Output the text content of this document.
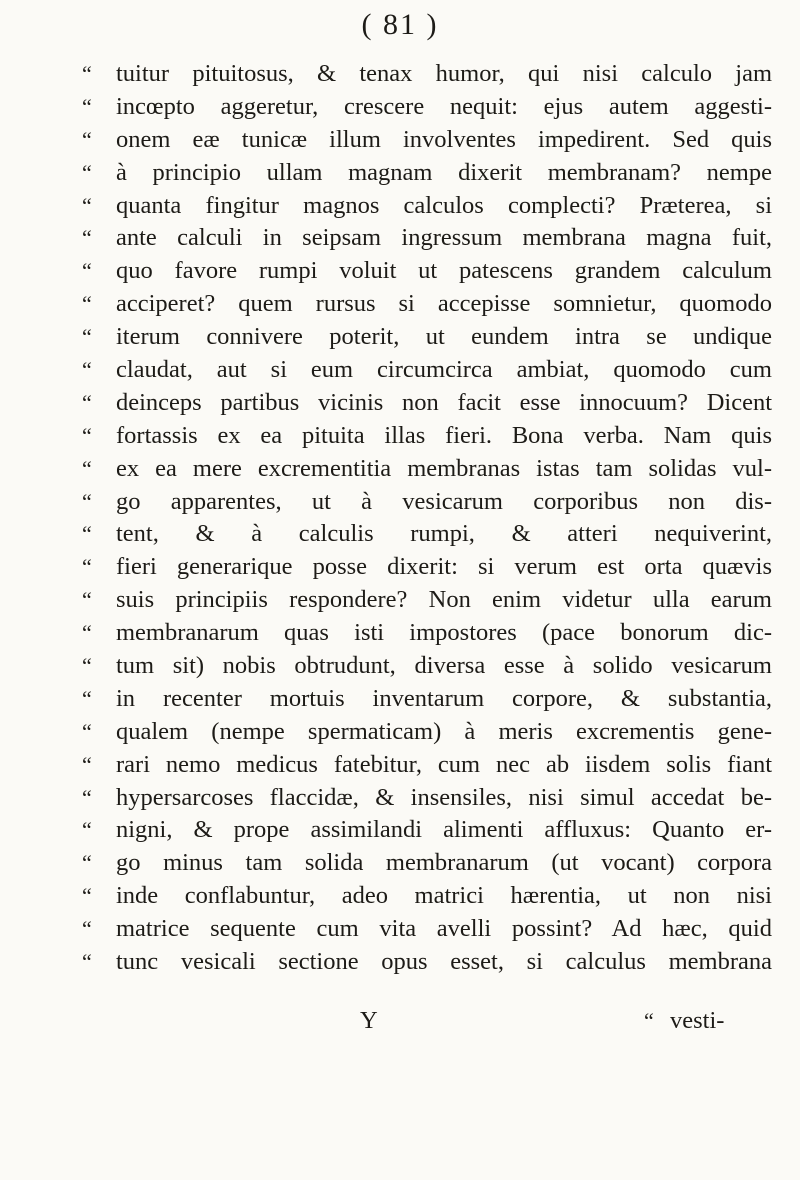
( 81 )
“ tuitur pituitosus, & tenax humor, qui nisi calculo jam
“ incœpto aggeretur, crescere nequit: ejus autem aggesti-
“ onem eæ tunicæ illum involventes impedirent. Sed quis
“ à principio ullam magnam dixerit membranam? nempe
“ quanta fingitur magnos calculos complecti? Præterea, si
“ ante calculi in seipsam ingressum membrana magna fuit,
“ quo favore rumpi voluit ut patescens grandem calculum
“ acciperet? quem rursus si accepisse somnietur, quomodo
“ iterum connivere poterit, ut eundem intra se undique
“ claudat, aut si eum circumcirca ambiat, quomodo cum
“ deinceps partibus vicinis non facit esse innocuum? Dicent
“ fortassis ex ea pituita illas fieri. Bona verba. Nam quis
“ ex ea mere excrementitia membranas istas tam solidas vul-
“ go apparentes, ut à vesicarum corporibus non dis-
“ tent, & à calculis rumpi, & atteri nequiverint,
“ fieri generarique posse dixerit: si verum est orta quævis
“ suis principiis respondere? Non enim videtur ulla earum
“ membranarum quas isti impostores (pace bonorum dic-
“ tum sit) nobis obtrudunt, diversa esse à solido vesicarum
“ in recenter mortuis inventarum corpore, & substantia,
“ qualem (nempe spermaticam) à meris excrementis gene-
“ rari nemo medicus fatebitur, cum nec ab iisdem solis fiant
“ hypersarcoses flaccidæ, & insensiles, nisi simul accedat be-
“ nigni, & prope assimilandi alimenti affluxus: Quanto er-
“ go minus tam solida membranarum (ut vocant) corpora
“ inde conflabuntur, adeo matrici hærentia, ut non nisi
“ matrice sequente cum vita avelli possint? Ad hæc, quid
“ tunc vesicali sectione opus esset, si calculus membrana
Y	“ vesti-
